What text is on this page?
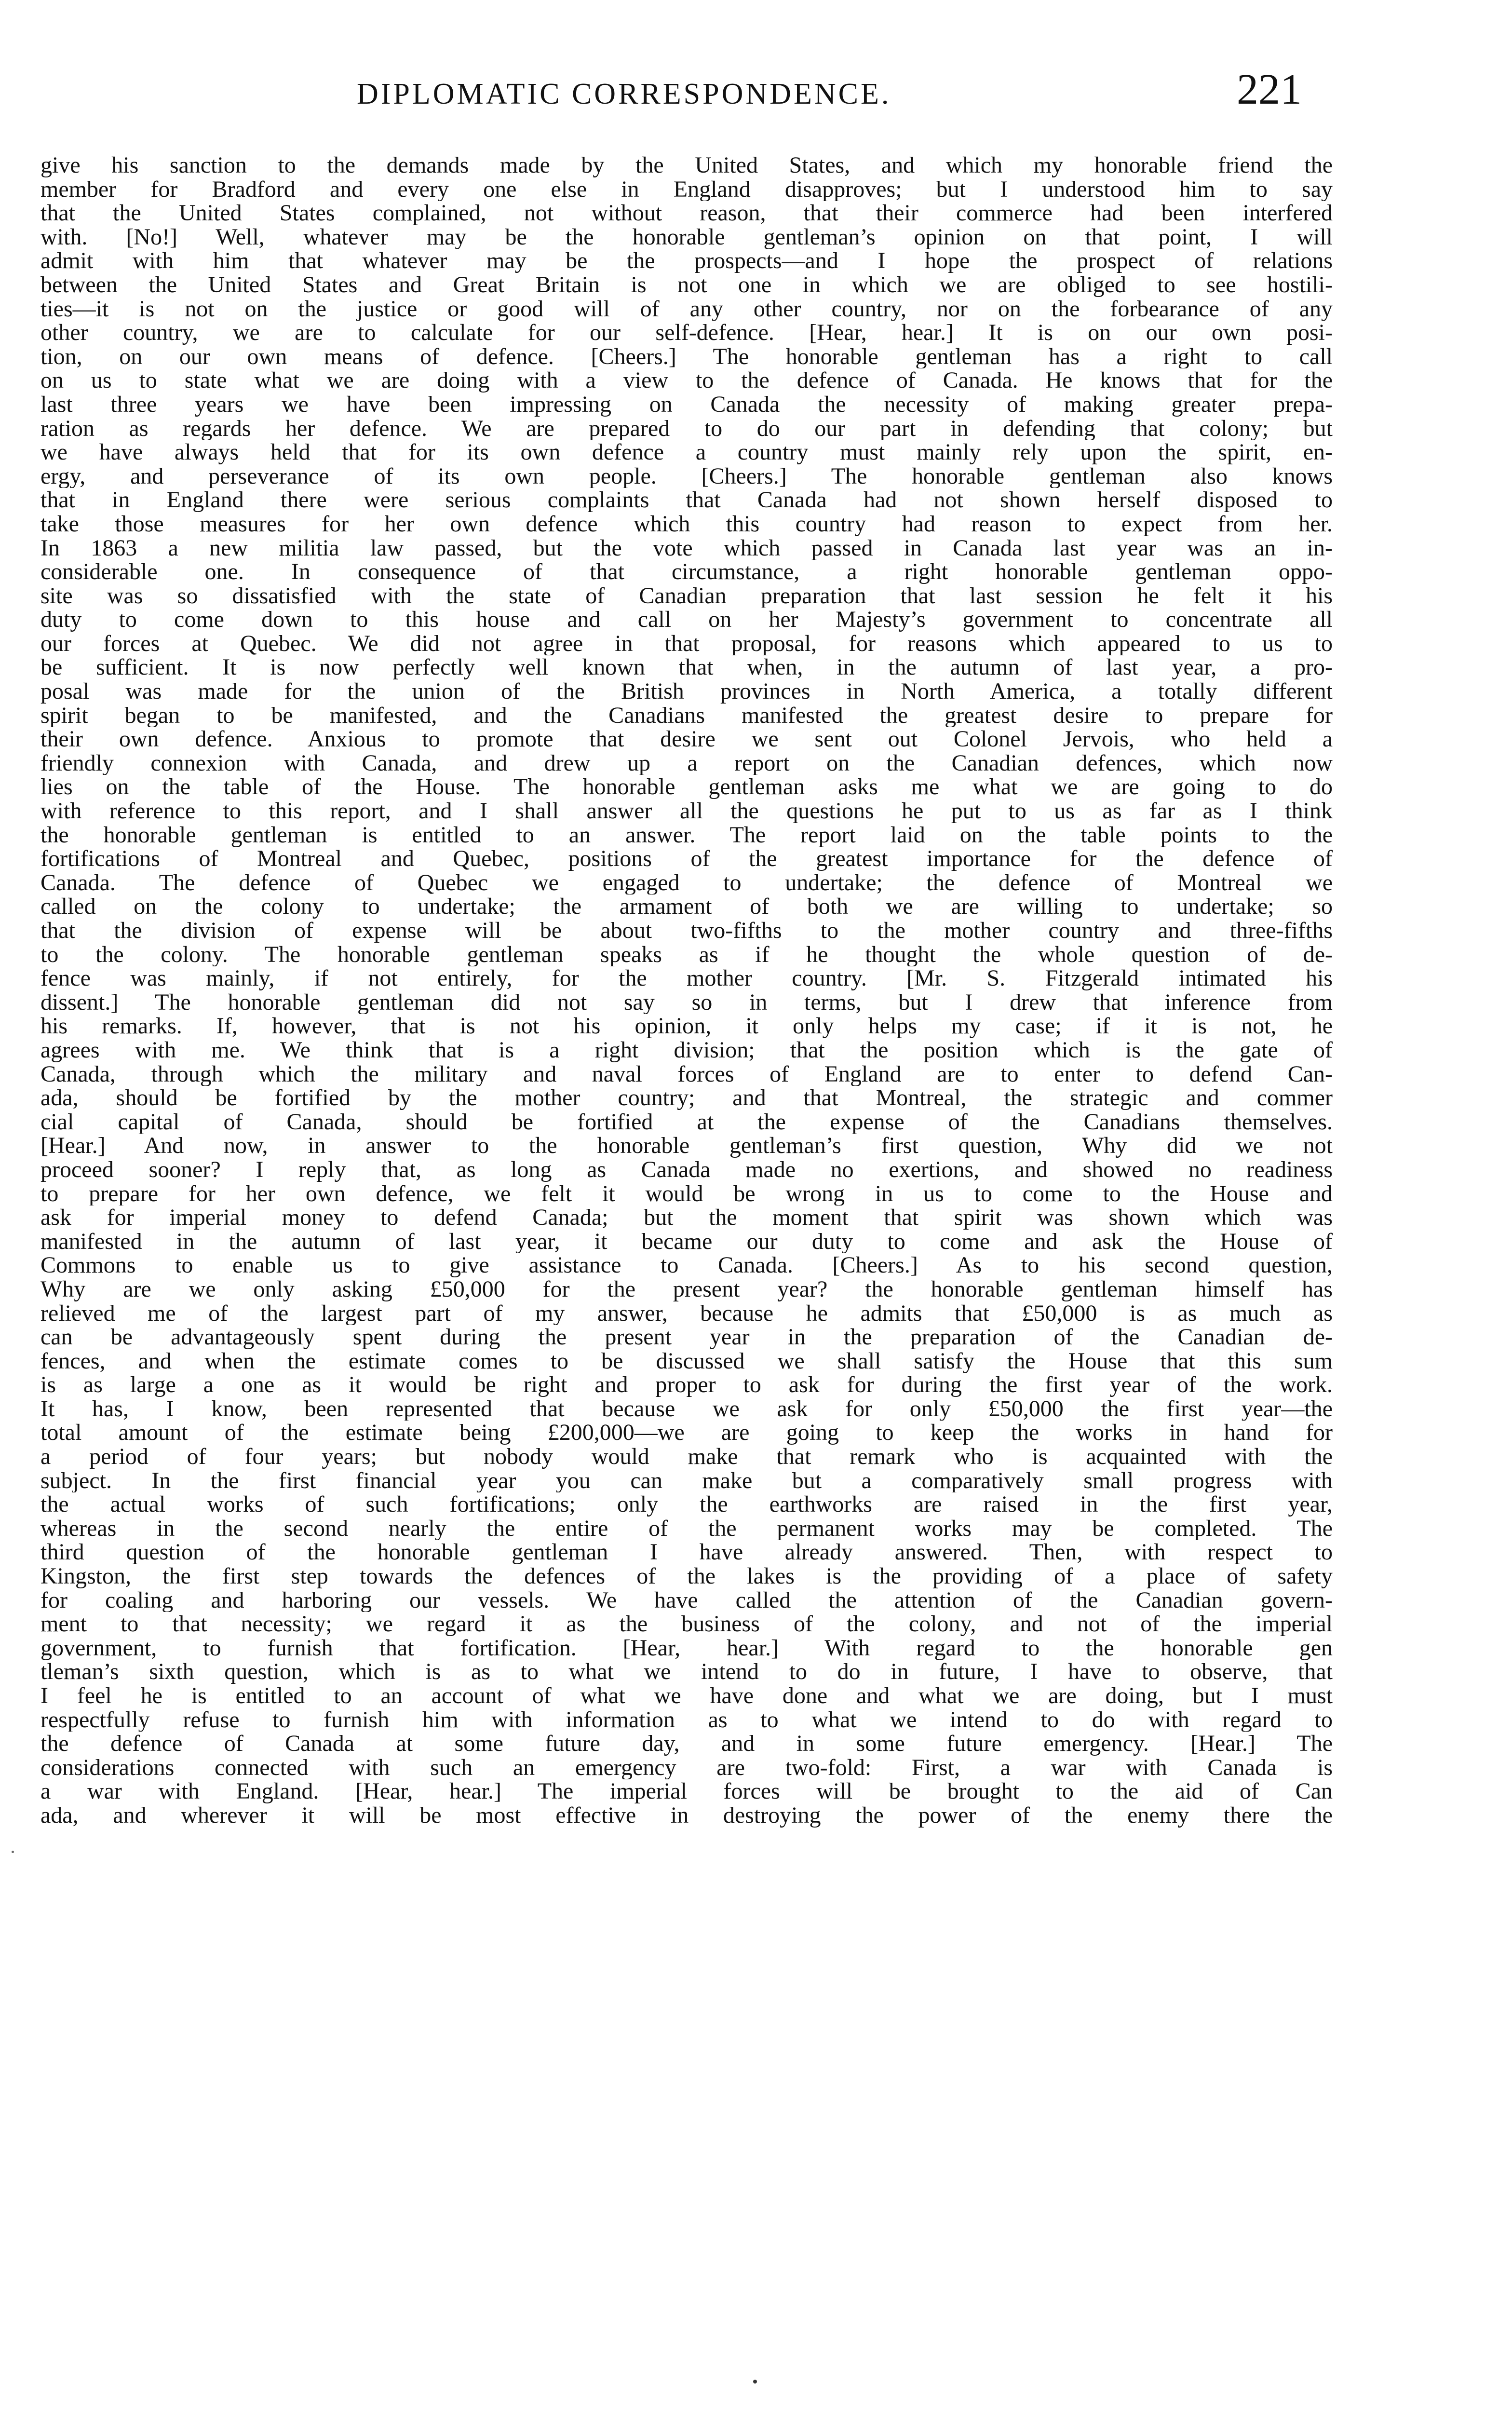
DIPLOMATIC CORRESPONDENCE.	221
give his sanction to the demands made by the United States, and which my honorable friend the
member for Bradford and every one else in England disapproves; but I understood him to say
that the United States complained, not without reason, that their commerce had been interfered
with. [No!] Well, whatever may be the honorable gentleman’s opinion on that point, I will
admit with him that whatever may be the prospects—and I hope the prospect of relations
between the United States and Great Britain is not one in which we are obliged to see hostili-
ties—it is not on the justice or good will of any other country, nor on the forbearance of any
other country, we are to calculate for our self-defence. [Hear, hear.] It is on our own posi-
tion, on our own means of defence. [Cheers.] The honorable gentleman has a right to call
on us to state what we are doing with a view to the defence of Canada. He knows that for the
last three years we have been impressing on Canada the necessity of making greater prepa-
ration as regards her defence. We are prepared to do our part in defending that colony; but
we have always held that for its own defence a country must mainly rely upon the spirit, en-
ergy, and perseverance of its own people. [Cheers.] The honorable gentleman also knows
that in England there were serious complaints that Canada had not shown herself disposed to
take those measures for her own defence which this country had reason to expect from her.
In 1863 a new militia law passed, but the vote which passed in Canada last year was an in-
considerable one. In consequence of that circumstance, a right honorable gentleman oppo-
site was so dissatisfied with the state of Canadian preparation that last session he felt it his
duty to come down to this house and call on her Majesty’s government to concentrate all
our forces at Quebec. We did not agree in that proposal, for reasons which appeared to us to
be sufficient. It is now perfectly well known that when, in the autumn of last year, a pro-
posal was made for the union of the British provinces in North America, a totally different
spirit began to be manifested, and the Canadians manifested the greatest desire to prepare for
their own defence. Anxious to promote that desire we sent out Colonel Jervois, who held a
friendly connexion with Canada, and drew up a report on the Canadian defences, which now
lies on the table of the House. The honorable gentleman asks me what we are going to do
with reference to this report, and I shall answer all the questions he put to us as far as I think
the honorable gentleman is entitled to an answer. The report laid on the table points to the
fortifications of Montreal and Quebec, positions of the greatest importance for the defence of
Canada. The defence of Quebec we engaged to undertake; the defence of Montreal we
called on the colony to undertake; the armament of both we are willing to undertake; so
that the division of expense will be about two-fifths to the mother country and three-fifths
to the colony. The honorable gentleman speaks as if he thought the whole question of de-
fence was mainly, if not entirely, for the mother country. [Mr. S. Fitzgerald intimated his
dissent.] The honorable gentleman did not say so in terms, but I drew that inference from
his remarks. If, however, that is not his opinion, it only helps my case; if it is not, he
agrees with me. We think that is a right division; that the position which is the gate of
Canada, through which the military and naval forces of England are to enter to defend Can-
ada, should be fortified by the mother country; and that Montreal, the strategic and commer
cial capital of Canada, should be fortified at the expense of the Canadians themselves.
[Hear.] And now, in answer to the honorable gentleman’s first question, Why did we not
proceed sooner? I reply that, as long as Canada made no exertions, and showed no readiness
to prepare for her own defence, we felt it would be wrong in us to come to the House and
ask for imperial money to defend Canada; but the moment that spirit was shown which was
manifested in the autumn of last year, it became our duty to come and ask the House of
Commons to enable us to give assistance to Canada. [Cheers.] As to his second question,
Why are we only asking £50,000 for the present year? the honorable gentleman himself has
relieved me of the largest part of my answer, because he admits that £50,000 is as much as
can be advantageously spent during the present year in the preparation of the Canadian de-
fences, and when the estimate comes to be discussed we shall satisfy the House that this sum
is as large a one as it would be right and proper to ask for during the first year of the work.
It has, I know, been represented that because we ask for only £50,000 the first year—the
total amount of the estimate being £200,000—we are going to keep the works in hand for
a period of four years; but nobody would make that remark who is acquainted with the
subject. In the first financial year you can make but a comparatively small progress with
the actual works of such fortifications; only the earthworks are raised in the first year,
whereas in the second nearly the entire of the permanent works may be completed. The
third question of the honorable gentleman I have already answered. Then, with respect to
Kingston, the first step towards the defences of the lakes is the providing of a place of safety
for coaling and harboring our vessels. We have called the attention of the Canadian govern-
ment to that necessity; we regard it as the business of the colony, and not of the imperial
government, to furnish that fortification. [Hear, hear.] With regard to the honorable gen
tleman’s sixth question, which is as to what we intend to do in future, I have to observe, that
I feel he is entitled to an account of what we have done and what we are doing, but I must
respectfully refuse to furnish him with information as to what we intend to do with regard to
the defence of Canada at some future day, and in some future emergency. [Hear.] The
considerations connected with such an emergency are two-fold: First, a war with Canada is
a war with England. [Hear, hear.] The imperial forces will be brought to the aid of Can
ada, and wherever it will be most effective in destroying the power of the enemy there the
